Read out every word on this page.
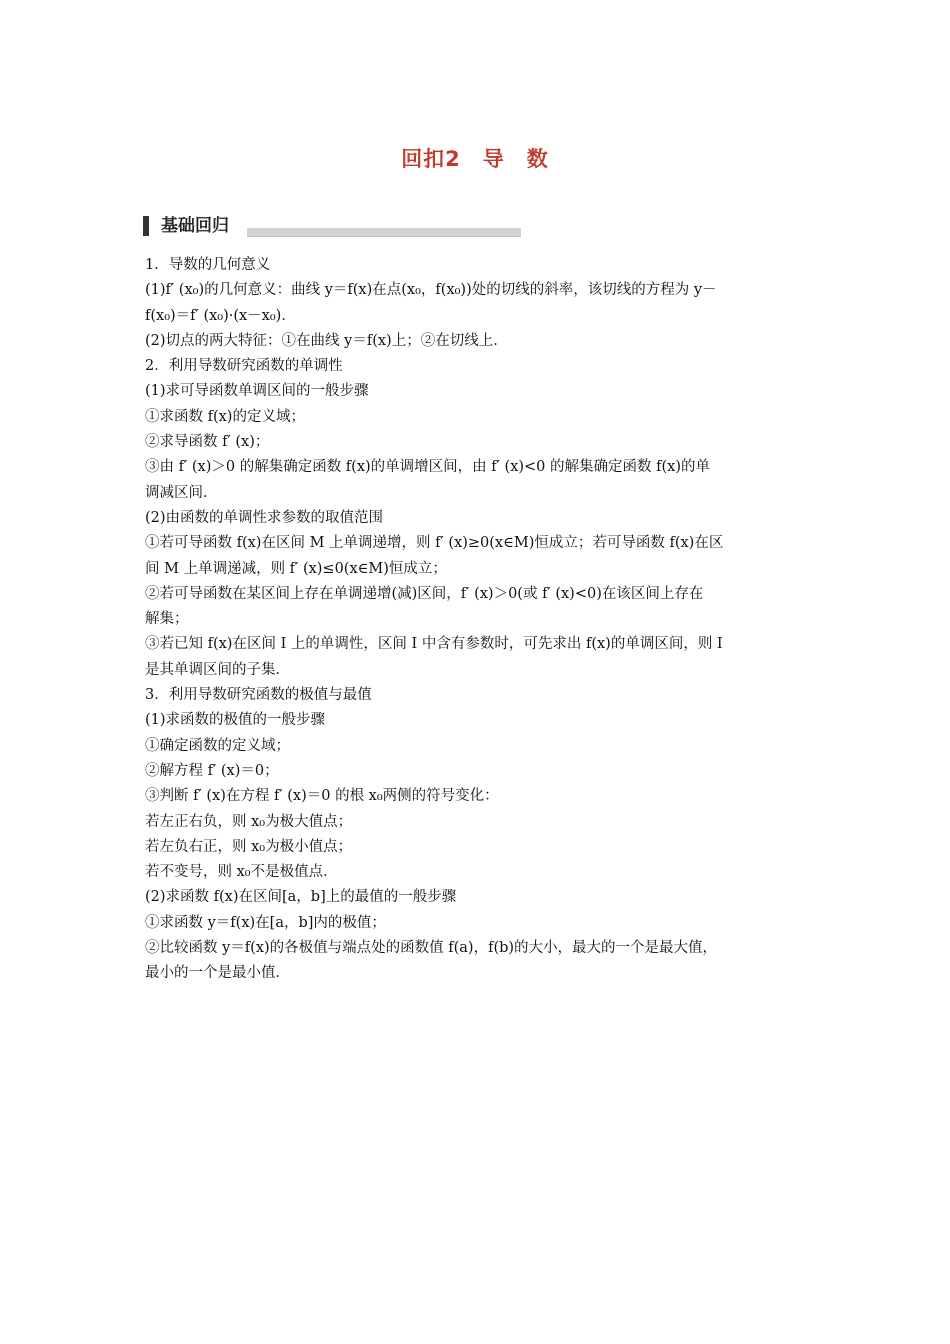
回扣2　导　数
基础回归

1．导数的几何意义

(1)f′ (x₀)的几何意义：曲线 y＝f(x)在点(x₀，f(x₀))处的切线的斜率，该切线的方程为 y－

f(x₀)＝f′ (x₀)·(x－x₀)．

(2)切点的两大特征：①在曲线 y＝f(x)上；②在切线上．

2．利用导数研究函数的单调性

(1)求可导函数单调区间的一般步骤

①求函数 f(x)的定义域；

②求导函数 f′ (x)；

③由 f′ (x)＞0 的解集确定函数 f(x)的单调增区间，由 f′ (x)<0 的解集确定函数 f(x)的单

调减区间．

(2)由函数的单调性求参数的取值范围

①若可导函数 f(x)在区间 M 上单调递增，则 f′ (x)≥0(x∈M)恒成立；若可导函数 f(x)在区

间 M 上单调递减，则 f′ (x)≤0(x∈M)恒成立；

②若可导函数在某区间上存在单调递增(减)区间，f′ (x)＞0(或 f′ (x)<0)在该区间上存在

解集；

③若已知 f(x)在区间 I 上的单调性，区间 I 中含有参数时，可先求出 f(x)的单调区间，则 I

是其单调区间的子集．

3．利用导数研究函数的极值与最值

(1)求函数的极值的一般步骤

①确定函数的定义域；

②解方程 f′ (x)＝0；

③判断 f′ (x)在方程 f′ (x)＝0 的根 x₀两侧的符号变化：

若左正右负，则 x₀为极大值点；

若左负右正，则 x₀为极小值点；

若不变号，则 x₀不是极值点．

(2)求函数 f(x)在区间[a，b]上的最值的一般步骤

①求函数 y＝f(x)在[a，b]内的极值；

②比较函数 y＝f(x)的各极值与端点处的函数值 f(a)，f(b)的大小，最大的一个是最大值，

最小的一个是最小值．
